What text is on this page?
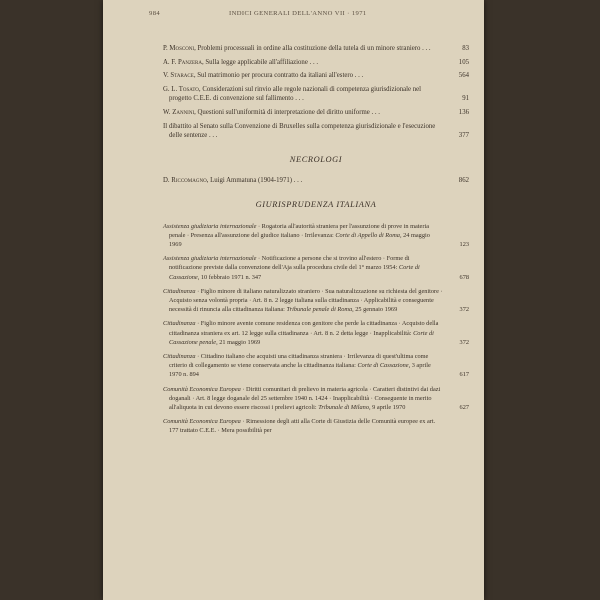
984	INDICI GENERALI DELL'ANNO VII · 1971
P. Mosconi, Problemi processuali in ordine alla costituzione della tutela di un minore straniero . . .	83
A. F. Panzera, Sulla legge applicabile all'affiliazione . . .	105
V. Starace, Sul matrimonio per procura contratto da italiani all'estero . . .	564
G. L. Tosato, Considerazioni sul rinvio alle regole nazionali di competenza giurisdizionale nel progetto C.E.E. di convenzione sul fallimento . . .	91
W. Zannini, Questioni sull'uniformità di interpretazione del diritto uniforme . . .	136
Il dibattito al Senato sulla Convenzione di Bruxelles sulla competenza giurisdizionale e l'esecuzione delle sentenze . . .	377
NECROLOGI
D. Riccomagno, Luigi Ammatuna (1904-1971) . . .	862
GIURISPRUDENZA ITALIANA
Assistenza giudiziaria internazionale · Rogatoria all'autorità straniera per l'assunzione di prove in materia penale · Presenza all'assunzione del giudice italiano · Irrilevanza: Corte di Appello di Roma, 24 maggio 1969	123
Assistenza giudiziaria internazionale · Notificazione a persone che si trovino all'estero · Forme di notificazione previste dalla convenzione dell'Aja sulla procedura civile del 1° marzo 1954: Corte di Cassazione, 10 febbraio 1971 n. 347	678
Cittadinanza · Figlio minore di italiano naturalizzato straniero · Sua naturalizzazione su richiesta del genitore · Acquisto senza volontà propria · Art. 8 n. 2 legge italiana sulla cittadinanza · Applicabilità e conseguente necessità di rinuncia alla cittadinanza italiana: Tribunale penale di Roma, 25 gennaio 1969	372
Cittadinanza · Figlio minore avente comune residenza con genitore che perde la cittadinanza · Acquisto della cittadinanza straniera ex art. 12 legge sulla cittadinanza · Art. 8 n. 2 detta legge · Inapplicabilità: Corte di Cassazione penale, 21 maggio 1969	372
Cittadinanza · Cittadino italiano che acquisti una cittadinanza straniera · Irrilevanza di quest'ultima come criterio di collegamento se viene conservata anche la cittadinanza italiana: Corte di Cassazione, 3 aprile 1970 n. 894	617
Comunità Economica Europea · Diritti comunitari di prelievo in materia agricola · Caratteri distintivi dai dazi doganali · Art. 8 legge doganale del 25 settembre 1940 n. 1424 · Inapplicabilità · Conseguente in merito all'aliquota in cui devono essere riscossi i prelievi agricoli: Tribunale di Milano, 9 aprile 1970	627
Comunità Economica Europea · Rimessione degli atti alla Corte di Giustizia delle Comunità europee ex art. 177 trattato C.E.E. · Mera possibilità per
